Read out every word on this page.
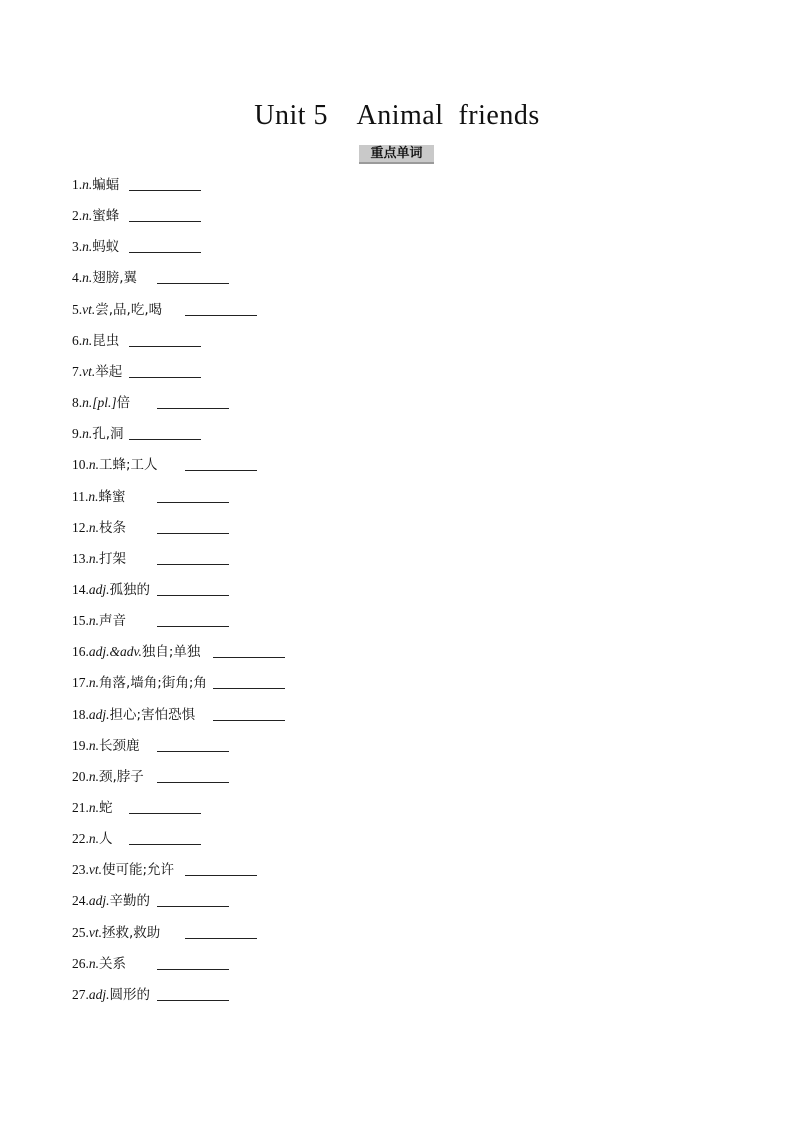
Unit 5    Animal  friends
重点单词
1.n.蝙蝠
2.n.蜜蜂
3.n.蚂蚁
4.n.翅膀,翼
5.vt.尝,品,吃,喝
6.n.昆虫
7.vt.举起
8.n.[pl.]倍
9.n.孔,洞
10.n.工蜂;工人
11.n.蜂蜜
12.n.枝条
13.n.打架
14.adj.孤独的
15.n.声音
16.adj.&adv.独自;单独
17.n.角落,墙角;街角;角
18.adj.担心;害怕恐惧
19.n.长颈鹿
20.n.颈,脖子
21.n.蛇
22.n.人
23.vt.使可能;允许
24.adj.辛勤的
25.vt.拯救,救助
26.n.关系
27.adj.圆形的
